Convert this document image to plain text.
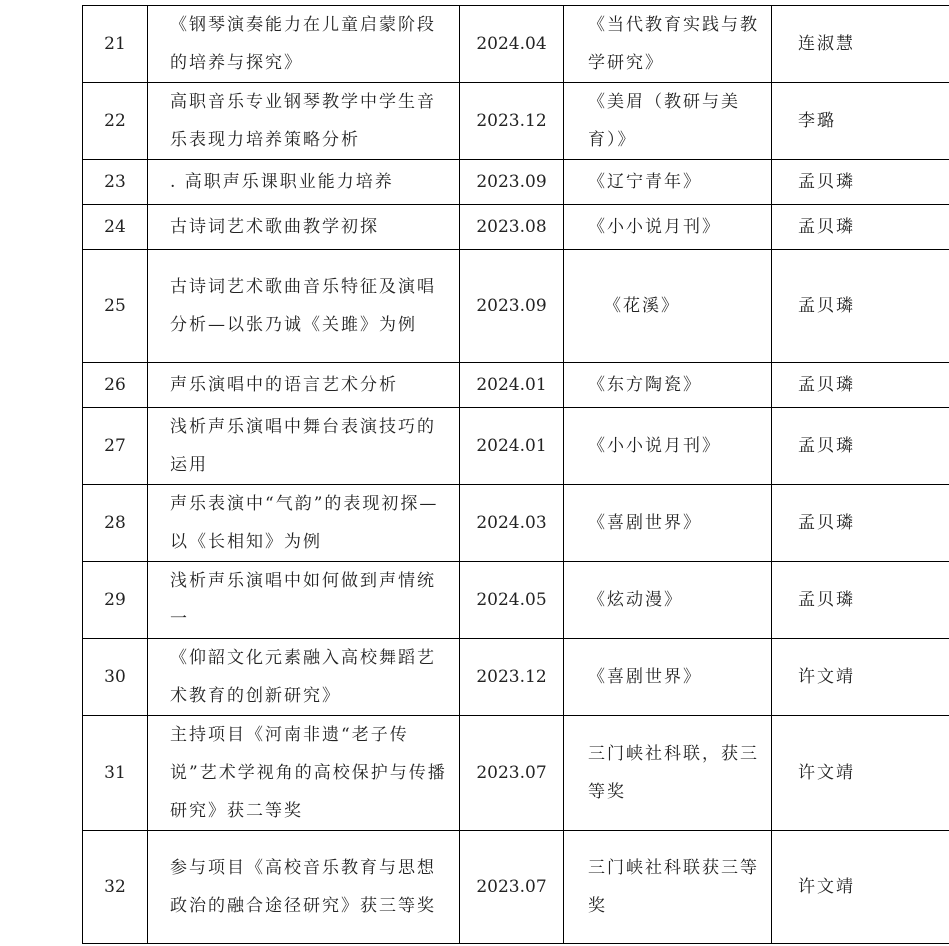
21	《钢琴演奏能力在儿童启蒙阶段的培养与探究》	2024.04	《当代教育实践与教学研究》	连淑慧
22	高职音乐专业钢琴教学中学生音乐表现力培养策略分析	2023.12	《美眉（教研与美育）》	李璐
23	. 高职声乐课职业能力培养	2023.09	《辽宁青年》	孟贝璘
24	古诗词艺术歌曲教学初探	2023.08	《小小说月刊》	孟贝璘
25	古诗词艺术歌曲音乐特征及演唱分析—以张乃诚《关雎》为例	2023.09	《花溪》	孟贝璘
26	声乐演唱中的语言艺术分析	2024.01	《东方陶瓷》	孟贝璘
27	浅析声乐演唱中舞台表演技巧的运用	2024.01	《小小说月刊》	孟贝璘
28	声乐表演中“气韵”的表现初探—以《长相知》为例	2024.03	《喜剧世界》	孟贝璘
29	浅析声乐演唱中如何做到声情统一	2024.05	《炫动漫》	孟贝璘
30	《仰韶文化元素融入高校舞蹈艺术教育的创新研究》	2023.12	《喜剧世界》	许文靖
31	主持项目《河南非遗“老子传说”艺术学视角的高校保护与传播研究》获二等奖	2023.07	三门峡社科联，获三等奖	许文靖
32	参与项目《高校音乐教育与思想政治的融合途径研究》获三等奖	2023.07	三门峡社科联获三等奖	许文靖
